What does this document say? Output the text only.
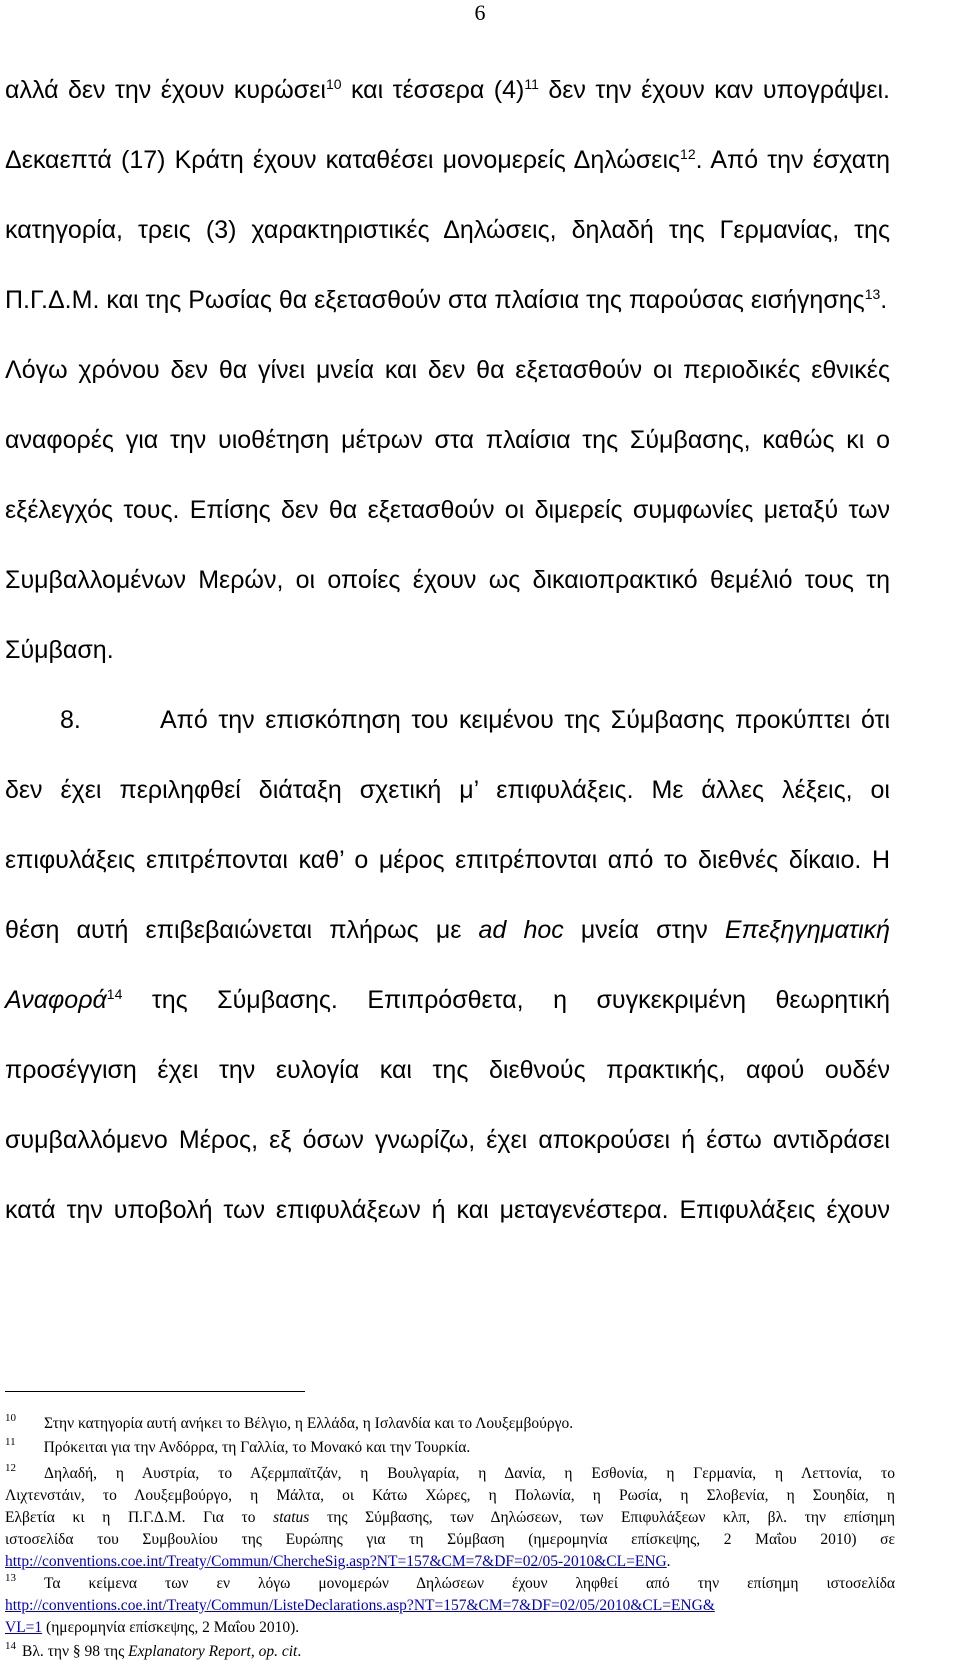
6
αλλά δεν την έχουν κυρώσει$^{10}$ και τέσσερα $(4)^{11}$ δεν την έχουν καν υπογράψει.
Δεκαεπτά (17) Κράτη έχουν καταθέσει μονομερείς Δηλώσεις$^{12}$. Από την έσχατη
κατηγορία, τρεις (3) χαρακτηριστικές Δηλώσεις, δηλαδή της Γερμανίας, της
Π.Γ.Δ.Μ. και της Ρωσίας θα εξετασθούν στα πλαίσια της παρούσας εισήγησης$^{13}$.
Λόγω χρόνου δεν θα γίνει μνεία και δεν θα εξετασθούν οι περιοδικές εθνικές
αναφορές για την υιοθέτηση μέτρων στα πλαίσια της Σύμβασης, καθώς κι ο
εξέλεγχός τους. Επίσης δεν θα εξετασθούν οι διμερείς συμφωνίες μεταξύ των
Συμβαλλομένων Μερών, οι οποίες έχουν ως δικαιοπρακτικό θεμέλιό τους τη
Σύμβαση.
8.	Από την επισκόπηση του κειμένου της Σύμβασης προκύπτει ότι
δεν έχει περιληφθεί διάταξη σχετική μ’ επιφυλάξεις. Με άλλες λέξεις, οι
επιφυλάξεις επιτρέπονται καθ’ ο μέρος επιτρέπονται από το διεθνές δίκαιο. Η
θέση αυτή επιβεβαιώνεται πλήρως με ad hoc μνεία στην Επεξηγηματική
Αναφορά$^{14}$ της Σύμβασης. Επιπρόσθετα, η συγκεκριμένη θεωρητική
προσέγγιση έχει την ευλογία και της διεθνούς πρακτικής, αφού ουδέν
συμβαλλόμενο Μέρος, εξ όσων γνωρίζω, έχει αποκρούσει ή έστω αντιδράσει
κατά την υποβολή των επιφυλάξεων ή και μεταγενέστερα. Επιφυλάξεις έχουν
$^{10}$ Στην κατηγορία αυτή ανήκει το Βέλγιο, η Ελλάδα, η Ισλανδία και το Λουξεμβούργο.
$^{11}$ Πρόκειται για την Ανδόρρα, τη Γαλλία, το Μονακό και την Τουρκία.
$^{12}$ Δηλαδή, η Αυστρία, το Αζερμπαϊτζάν, η Βουλγαρία, η Δανία, η Εσθονία, η Γερμανία, η Λεττονία, το
Λιχτενστάιν, το Λουξεμβούργο, η Μάλτα, οι Κάτω Χώρες, η Πολωνία, η Ρωσία, η Σλοβενία, η Σουηδία, η
Ελβετία κι η Π.Γ.Δ.Μ. Για το status της Σύμβασης, των Δηλώσεων, των Επιφυλάξεων κλπ, βλ. την επίσημη
ιστοσελίδα του Συμβουλίου της Ευρώπης για τη Σύμβαση (ημερομηνία επίσκεψης, 2 Μαΐου 2010) σε
http://conventions.coe.int/Treaty/Commun/ChercheSig.asp?NT=157&CM=7&DF=02/05-2010&CL=ENG.
$^{13}$ Τα κείμενα των εν λόγω μονομερών Δηλώσεων έχουν ληφθεί από την επίσημη ιστοσελίδα
http://conventions.coe.int/Treaty/Commun/ListeDeclarations.asp?NT=157&CM=7&DF=02/05/2010&CL=ENG&
VL=1 (ημερομηνία επίσκεψης, 2 Μαΐου 2010).
$^{14}$ Βλ. την § 98 της Explanatory Report, op. cit.
